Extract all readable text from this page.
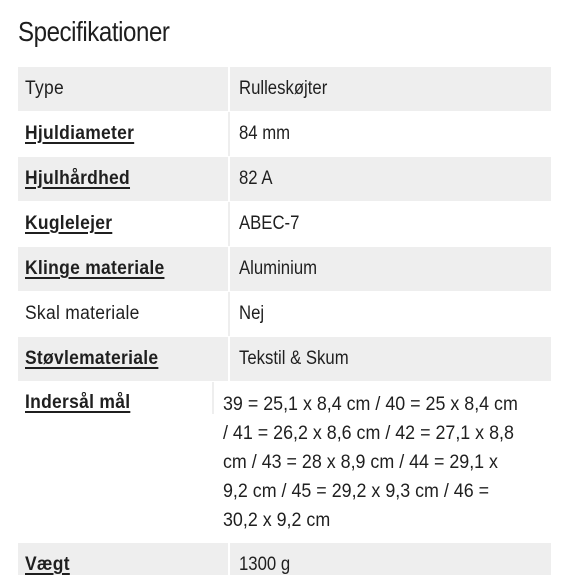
Specifikationer
Type	Rulleskøjter
Hjuldiameter	84 mm
Hjulhårdhed	82 A
Kuglelejer	ABEC-7
Klinge materiale	Aluminium
Skal materiale	Nej
Støvlemateriale	Tekstil & Skum
Indersål mål	39 = 25,1 x 8,4 cm / 40 = 25 x 8,4 cm / 41 = 26,2 x 8,6 cm / 42 = 27,1 x 8,8 cm / 43 = 28 x 8,9 cm / 44 = 29,1 x 9,2 cm / 45 = 29,2 x 9,3 cm / 46 = 30,2 x 9,2 cm
Vægt	1300 g
